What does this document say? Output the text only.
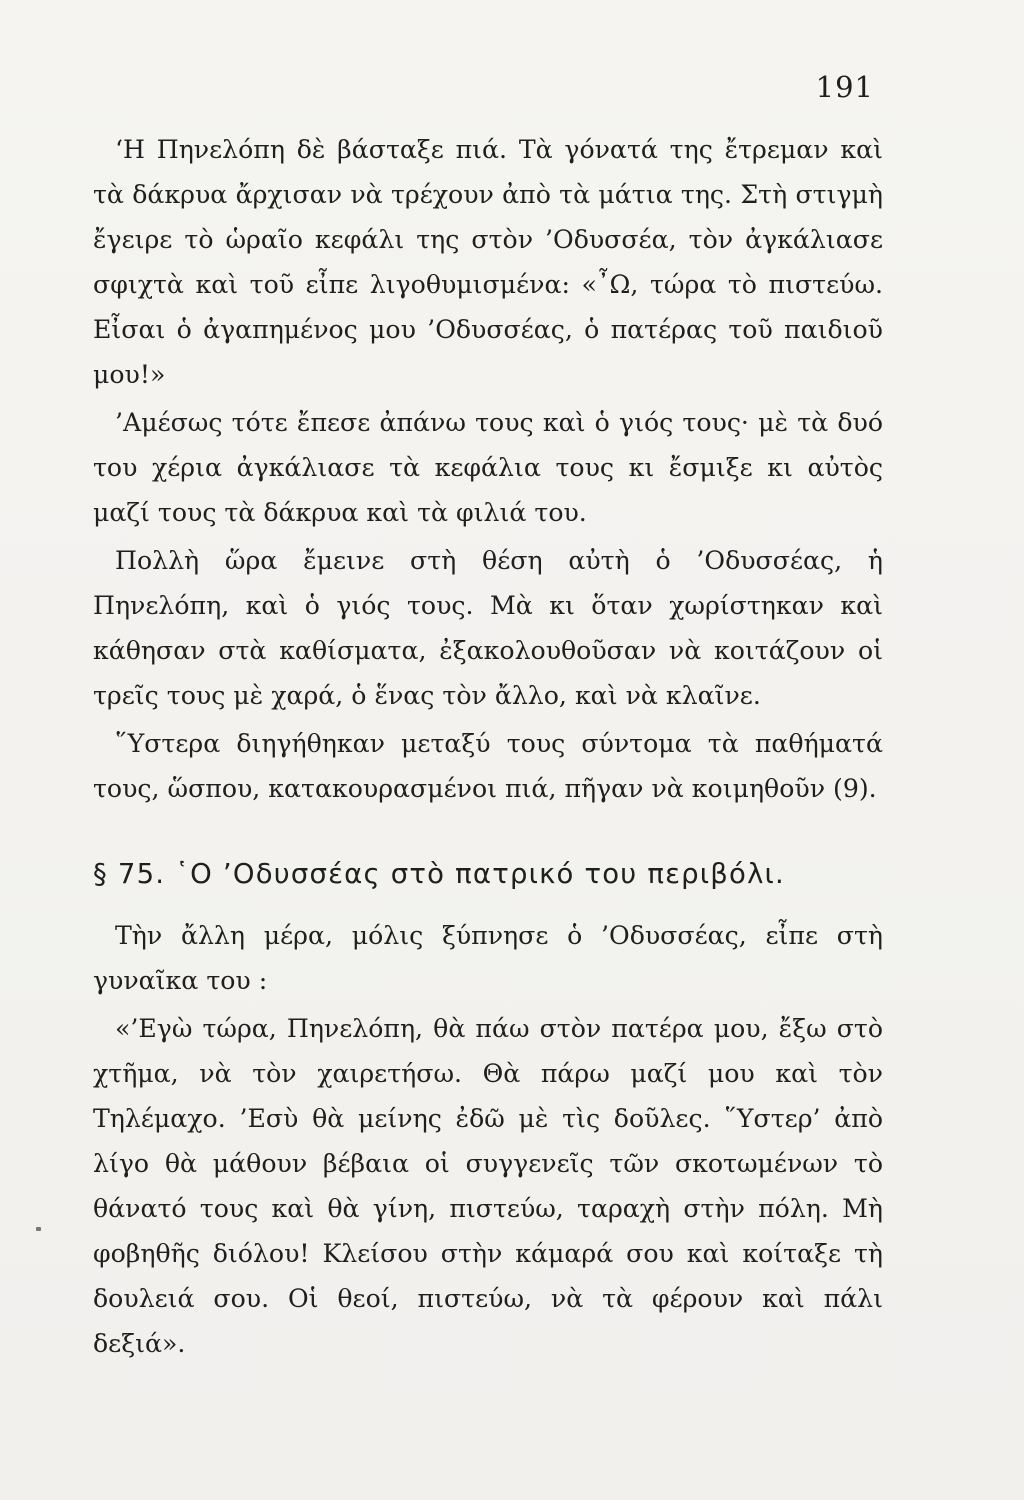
191

‘Η Πηνελόπη δὲ βάσταξε πιά. Τὰ γόνατά της ἔτρεμαν καὶ τὰ δάκρυα ἄρχισαν νὰ τρέχουν ἀπὸ τὰ μάτια της. Στὴ στιγμὴ ἔγειρε τὸ ὡραῖο κεφάλι της στὸν ’Οδυσσέα, τὸν ἀγκάλιασε σφιχτὰ καὶ τοῦ εἶπε λιγοθυμισμένα: «῏Ω, τώρα τὸ πιστεύω. Εἶσαι ὁ ἀγαπημένος μου ’Οδυσσέας, ὁ πατέρας τοῦ παιδιοῦ μου!»

’Αμέσως τότε ἔπεσε ἀπάνω τους καὶ ὁ γιός τους· μὲ τὰ δυό του χέρια ἀγκάλιασε τὰ κεφάλια τους κι ἔσμιξε κι αὐτὸς μαζί τους τὰ δάκρυα καὶ τὰ φιλιά του.

Πολλὴ ὥρα ἔμεινε στὴ θέση αὐτὴ ὁ ’Οδυσσέας, ἡ Πηνελόπη, καὶ ὁ γιός τους. Μὰ κι ὅταν χωρίστηκαν καὶ κάθησαν στὰ καθίσματα, ἐξακολουθοῦσαν νὰ κοιτάζουν οἱ τρεῖς τους μὲ χαρά, ὁ ἕνας τὸν ἄλλο, καὶ νὰ κλαῖνε.

῞Υστερα διηγήθηκαν μεταξύ τους σύντομα τὰ παθήματά τους, ὥσπου, κατακουρασμένοι πιά, πῆγαν νὰ κοιμηθοῦν (9).

§ 75. ῾Ο ’Οδυσσέας στὸ πατρικό του περιβόλι.

Τὴν ἄλλη μέρα, μόλις ξύπνησε ὁ ’Οδυσσέας, εἶπε στὴ γυναῖκα του :

«’Εγὼ τώρα, Πηνελόπη, θὰ πάω στὸν πατέρα μου, ἔξω στὸ χτῆμα, νὰ τὸν χαιρετήσω. Θὰ πάρω μαζί μου καὶ τὸν Τηλέμαχο. ’Εσὺ θὰ μείνης ἐδῶ μὲ τὶς δοῦλες. ῞Υστερ’ ἀπὸ λίγο θὰ μάθουν βέβαια οἱ συγγενεῖς τῶν σκοτωμένων τὸ θάνατό τους καὶ θὰ γίνη, πιστεύω, ταραχὴ στὴν πόλη. Μὴ φοβηθῆς διόλου! Κλείσου στὴν κάμαρά σου καὶ κοίταξε τὴ δουλειά σου. Οἱ θεοί, πιστεύω, νὰ τὰ φέρουν καὶ πάλι δεξιά».
